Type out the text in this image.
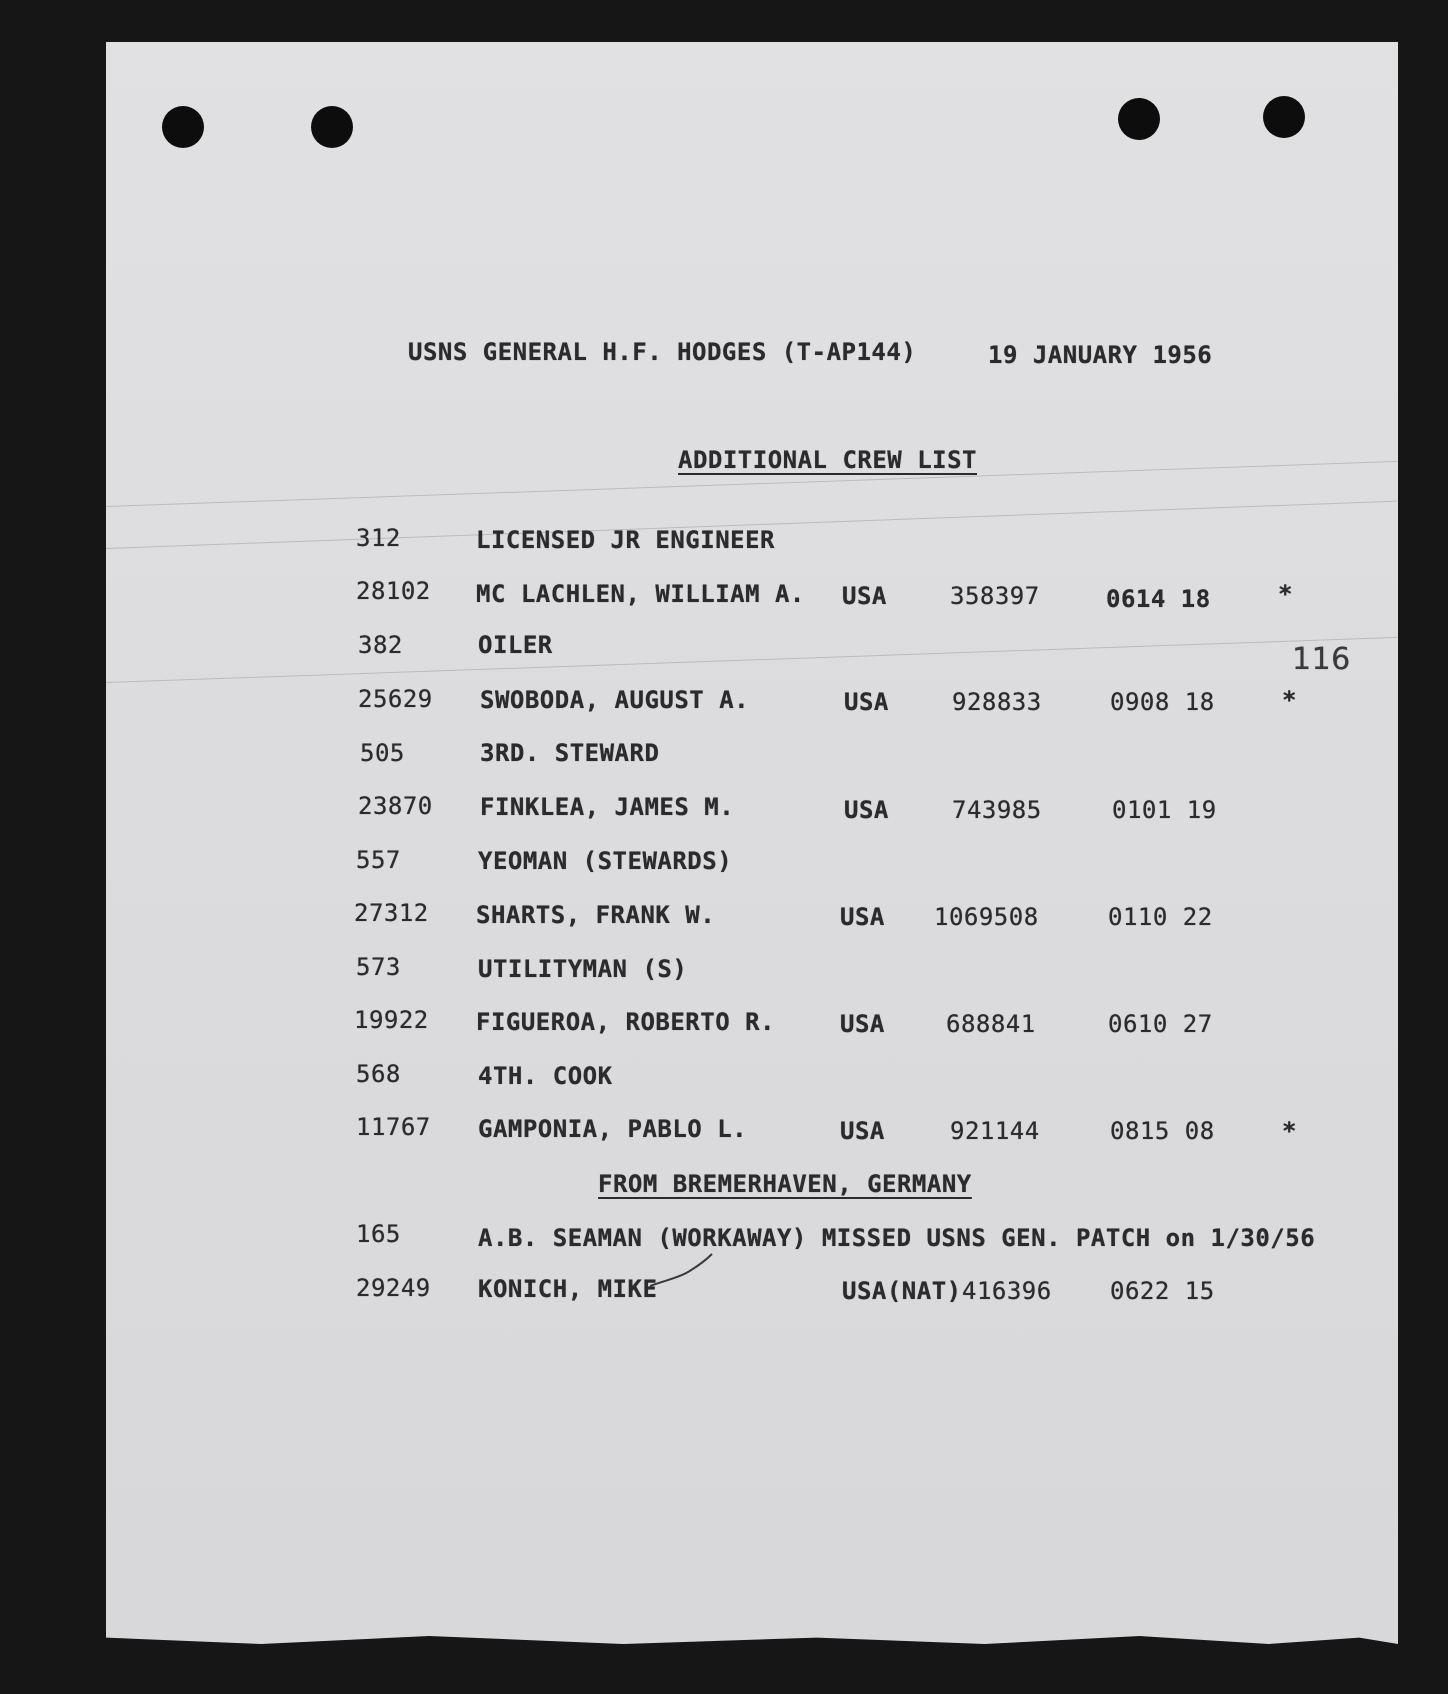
USNS GENERAL H.F. HODGES (T-AP144)	19 JANUARY 1956
ADDITIONAL CREW LIST
116
312	LICENSED JR ENGINEER
28102 MC LACHLEN, WILLIAM A. USA	358397	0614 18	*
382	OILER
25629 SWOBODA, AUGUST A.	USA	928833	0908 18	*
505	3RD. STEWARD
23870 FINKLEA, JAMES M.	USA	743985	0101 19
557	YEOMAN (STEWARDS)
27312 SHARTS, FRANK W.	USA 1069508	0110 22
573	UTILITYMAN (S)
19922 FIGUEROA, ROBERTO R.	USA	688841	0610 27
568	4TH. COOK
11767 GAMPONIA, PABLO L.	USA	921144	0815 08	*
FROM BREMERHAVEN, GERMANY
165	A.B. SEAMAN (WORKAWAY) MISSED USNS GEN. PATCH on 1/30/56
29249 KONICH, MIKE	USA(NAT) 416396 0622 15
